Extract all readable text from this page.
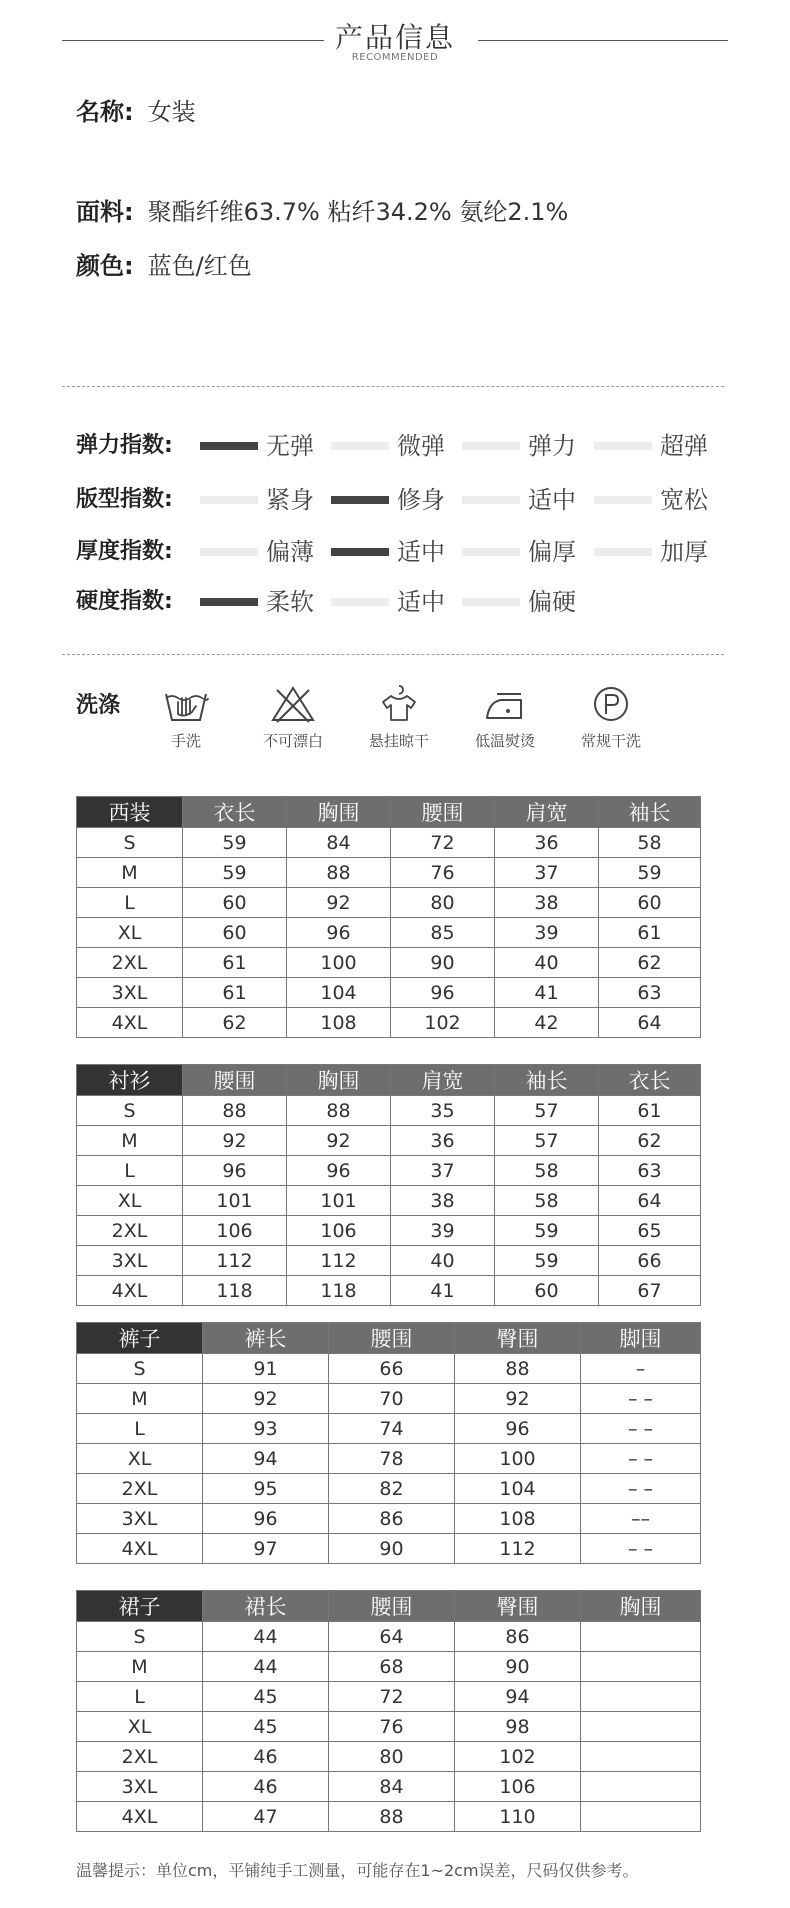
产品信息
RECOMMENDED
名称: 女装
面料: 聚酯纤维63.7% 粘纤34.2% 氨纶2.1%
颜色: 蓝色/红色
弹力指数:	无弹	微弹	弹力	超弹
版型指数:	紧身	修身	适中	宽松
厚度指数:	偏薄	适中	偏厚	加厚
硬度指数:	柔软	适中	偏硬
洗涤
手洗	不可漂白	悬挂晾干	低温熨烫	常规干洗
西装	衣长	胸围	腰围	肩宽	袖长
S	59	84	72	36	58
M	59	88	76	37	59
L	60	92	80	38	60
XL	60	96	85	39	61
2XL	61	100	90	40	62
3XL	61	104	96	41	63
4XL	62	108	102	42	64
衬衫	腰围	胸围	肩宽	袖长	衣长
S	88	88	35	57	61
M	92	92	36	57	62
L	96	96	37	58	63
XL	101	101	38	58	64
2XL	106	106	39	59	65
3XL	112	112	40	59	66
4XL	118	118	41	60	67
裤子	裤长	腰围	臀围	脚围
S	91	66	88	–
M	92	70	92	– –
L	93	74	96	– –
XL	94	78	100	– –
2XL	95	82	104	– –
3XL	96	86	108	––
4XL	97	90	112	– –
裙子	裙长	腰围	臀围	胸围
S	44	64	86	
M	44	68	90	
L	45	72	94	
XL	45	76	98	
2XL	46	80	102	
3XL	46	84	106	
4XL	47	88	110	
温馨提示：单位cm，平铺纯手工测量，可能存在1~2cm误差，尺码仅供参考。
